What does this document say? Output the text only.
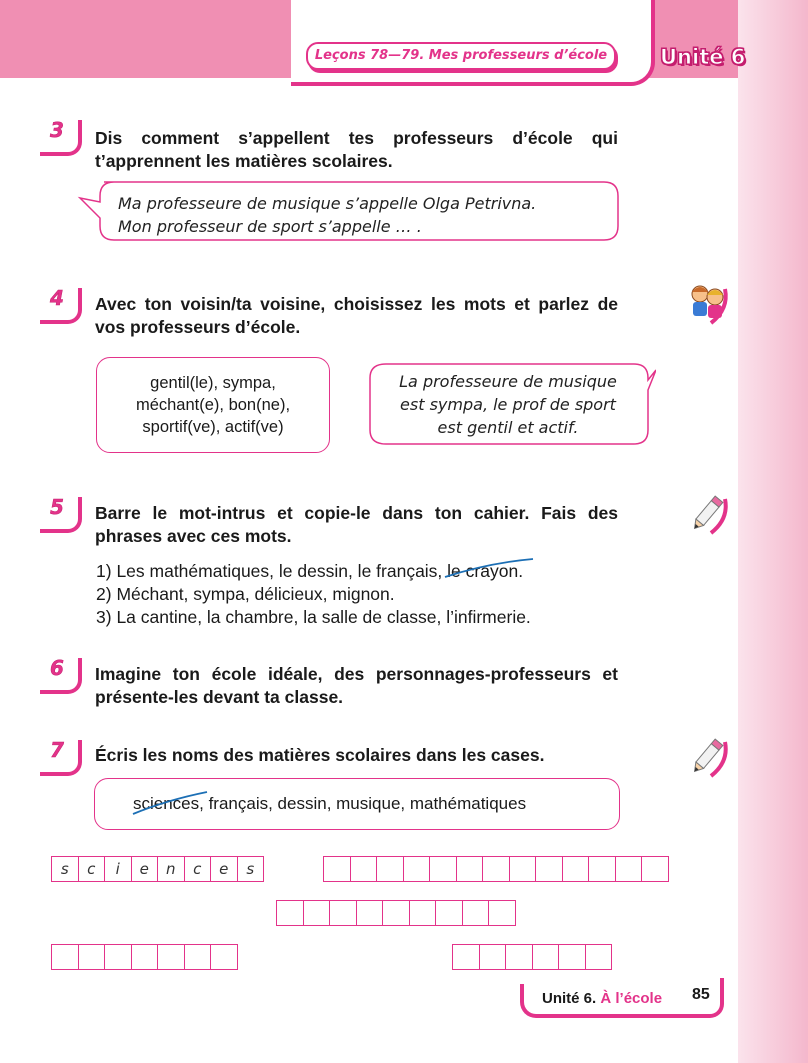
Leçons 78—79. Mes professeurs d’école	Unité 6
3 Dis comment s’appellent tes professeurs d’école qui t’apprennent les matières scolaires.
Ma professeure de musique s’appelle Olga Petrivna.
Mon professeur de sport s’appelle … .
4 Avec ton voisin/ta voisine, choisissez les mots et parlez de vos professeurs d’école.
gentil(le), sympa,
méchant(e), bon(ne),
sportif(ve), actif(ve)
La professeure de musique
est sympa, le prof de sport
est gentil et actif.
5 Barre le mot-intrus et copie-le dans ton cahier. Fais des phrases avec ces mots.
1) Les mathématiques, le dessin, le français, le crayon
.
2) Méchant, sympa, délicieux, mignon.
3) La cantine, la chambre, la salle de classe, l’infirmerie.
6 Imagine ton école idéale, des personnages-professeurs et présente-les devant ta classe.
7 Écris les noms des matières scolaires dans les cases.
sciences
, français, dessin, musique, mathématiques
s	c	i	e	n	c	e	s
Unité 6. À l’école 85
